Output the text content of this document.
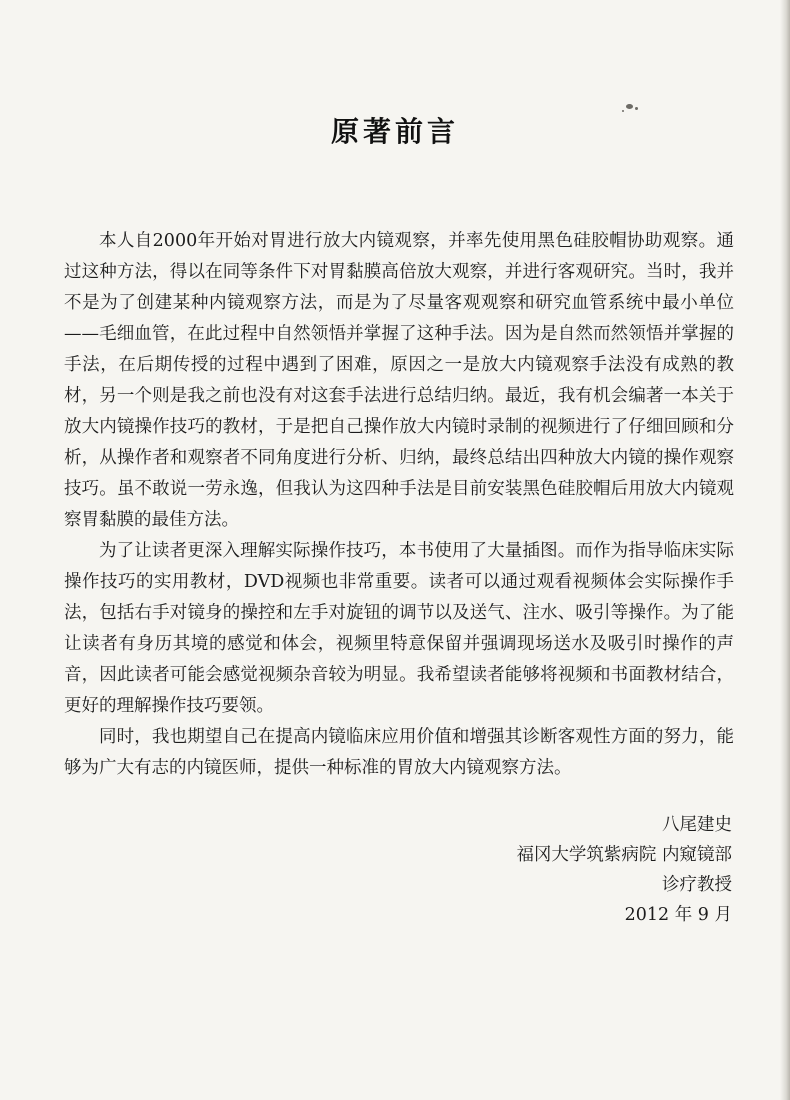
原著前言

本人自2000年开始对胃进行放大内镜观察，并率先使用黑色硅胶帽协助观察。通过这种方法，得以在同等条件下对胃黏膜高倍放大观察，并进行客观研究。当时，我并不是为了创建某种内镜观察方法，而是为了尽量客观观察和研究血管系统中最小单位——毛细血管，在此过程中自然领悟并掌握了这种手法。因为是自然而然领悟并掌握的手法，在后期传授的过程中遇到了困难，原因之一是放大内镜观察手法没有成熟的教材，另一个则是我之前也没有对这套手法进行总结归纳。最近，我有机会编著一本关于放大内镜操作技巧的教材，于是把自己操作放大内镜时录制的视频进行了仔细回顾和分析，从操作者和观察者不同角度进行分析、归纳，最终总结出四种放大内镜的操作观察技巧。虽不敢说一劳永逸，但我认为这四种手法是目前安装黑色硅胶帽后用放大内镜观察胃黏膜的最佳方法。

为了让读者更深入理解实际操作技巧，本书使用了大量插图。而作为指导临床实际操作技巧的实用教材，DVD视频也非常重要。读者可以通过观看视频体会实际操作手法，包括右手对镜身的操控和左手对旋钮的调节以及送气、注水、吸引等操作。为了能让读者有身历其境的感觉和体会，视频里特意保留并强调现场送水及吸引时操作的声音，因此读者可能会感觉视频杂音较为明显。我希望读者能够将视频和书面教材结合，更好的理解操作技巧要领。

同时，我也期望自己在提高内镜临床应用价值和增强其诊断客观性方面的努力，能够为广大有志的内镜医师，提供一种标准的胃放大内镜观察方法。

八尾建史
福冈大学筑紫病院 内窥镜部
诊疗教授
2012 年 9 月
